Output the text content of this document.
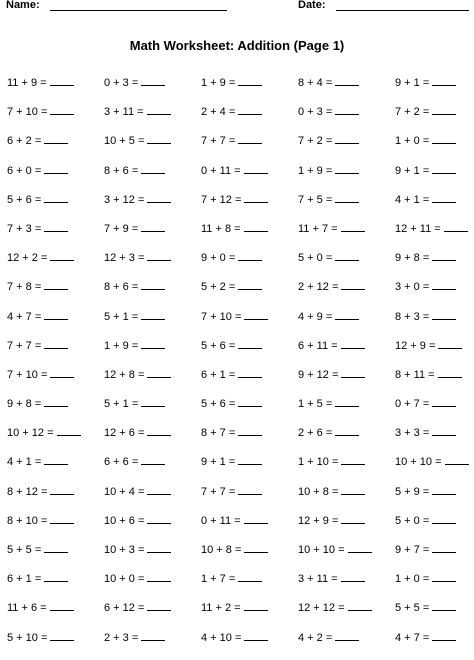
Name:	Date:
Math Worksheet: Addition (Page 1)
11 + 9 =	0 + 3 =	1 + 9 =	8 + 4 =	9 + 1 =
7 + 10 =	3 + 11 =	2 + 4 =	0 + 3 =	7 + 2 =
6 + 2 =	10 + 5 =	7 + 7 =	7 + 2 =	1 + 0 =
6 + 0 =	8 + 6 =	0 + 11 =	1 + 9 =	9 + 1 =
5 + 6 =	3 + 12 =	7 + 12 =	7 + 5 =	4 + 1 =
7 + 3 =	7 + 9 =	11 + 8 =	11 + 7 =	12 + 11 =
12 + 2 =	12 + 3 =	9 + 0 =	5 + 0 =	9 + 8 =
7 + 8 =	8 + 6 =	5 + 2 =	2 + 12 =	3 + 0 =
4 + 7 =	5 + 1 =	7 + 10 =	4 + 9 =	8 + 3 =
7 + 7 =	1 + 9 =	5 + 6 =	6 + 11 =	12 + 9 =
7 + 10 =	12 + 8 =	6 + 1 =	9 + 12 =	8 + 11 =
9 + 8 =	5 + 1 =	5 + 6 =	1 + 5 =	0 + 7 =
10 + 12 =	12 + 6 =	8 + 7 =	2 + 6 =	3 + 3 =
4 + 1 =	6 + 6 =	9 + 1 =	1 + 10 =	10 + 10 =
8 + 12 =	10 + 4 =	7 + 7 =	10 + 8 =	5 + 9 =
8 + 10 =	10 + 6 =	0 + 11 =	12 + 9 =	5 + 0 =
5 + 5 =	10 + 3 =	10 + 8 =	10 + 10 =	9 + 7 =
6 + 1 =	10 + 0 =	1 + 7 =	3 + 11 =	1 + 0 =
11 + 6 =	6 + 12 =	11 + 2 =	12 + 12 =	5 + 5 =
5 + 10 =	2 + 3 =	4 + 10 =	4 + 2 =	4 + 7 =
